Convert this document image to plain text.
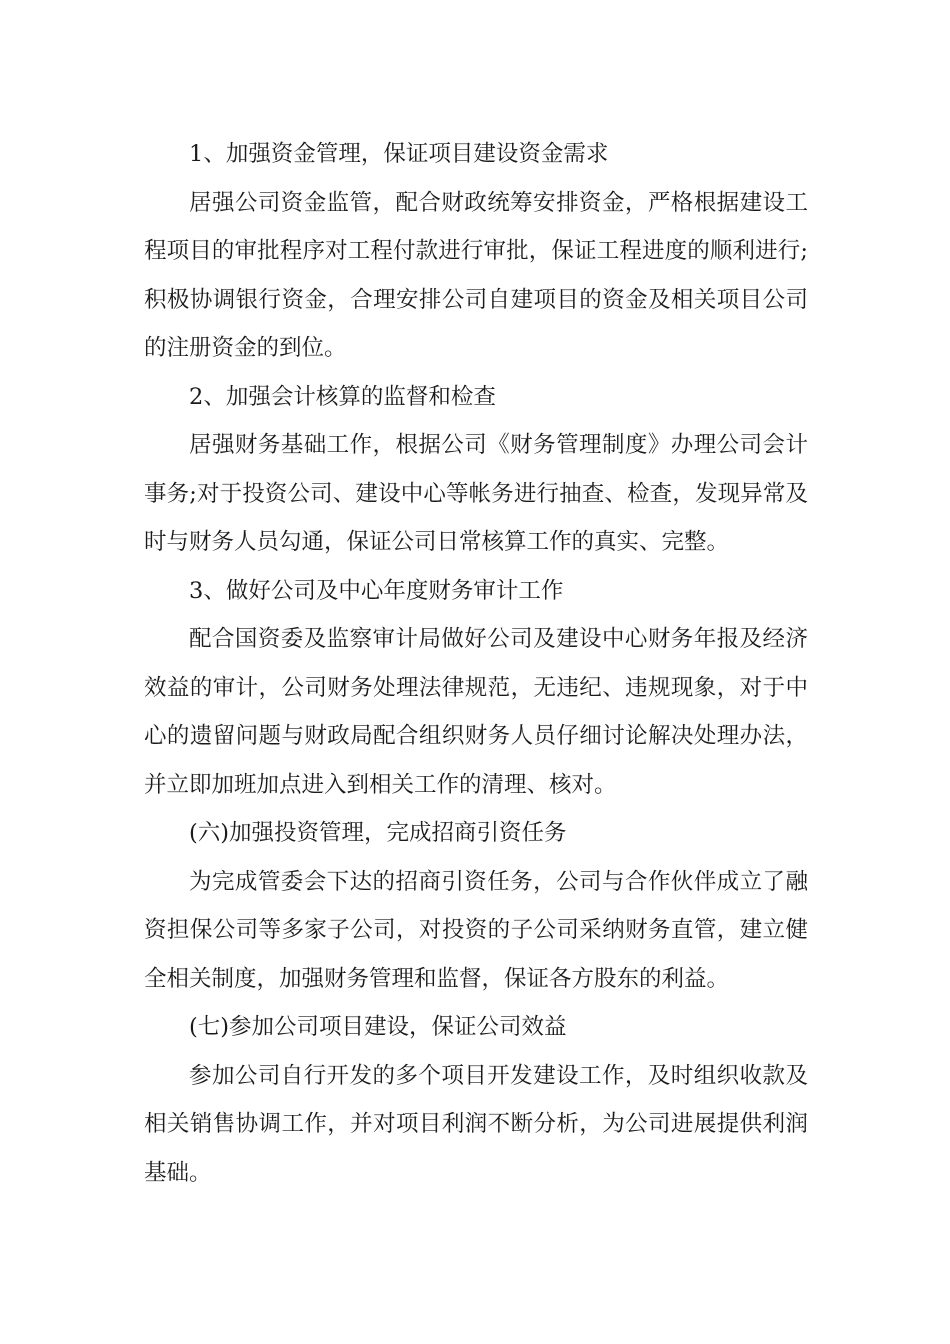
1、加强资金管理，保证项目建设资金需求

居强公司资金监管，配合财政统筹安排资金，严格根据建设工程项目的审批程序对工程付款进行审批，保证工程进度的顺利进行;积极协调银行资金，合理安排公司自建项目的资金及相关项目公司的注册资金的到位。

2、加强会计核算的监督和检查

居强财务基础工作，根据公司《财务管理制度》办理公司会计事务;对于投资公司、建设中心等帐务进行抽查、检查，发现异常及时与财务人员勾通，保证公司日常核算工作的真实、完整。

3、做好公司及中心年度财务审计工作

配合国资委及监察审计局做好公司及建设中心财务年报及经济效益的审计，公司财务处理法律规范，无违纪、违规现象，对于中心的遗留问题与财政局配合组织财务人员仔细讨论解决处理办法，并立即加班加点进入到相关工作的清理、核对。

(六)加强投资管理，完成招商引资任务

为完成管委会下达的招商引资任务，公司与合作伙伴成立了融资担保公司等多家子公司，对投资的子公司采纳财务直管，建立健全相关制度，加强财务管理和监督，保证各方股东的利益。

(七)参加公司项目建设，保证公司效益

参加公司自行开发的多个项目开发建设工作，及时组织收款及相关销售协调工作，并对项目利润不断分析，为公司进展提供利润基础。
